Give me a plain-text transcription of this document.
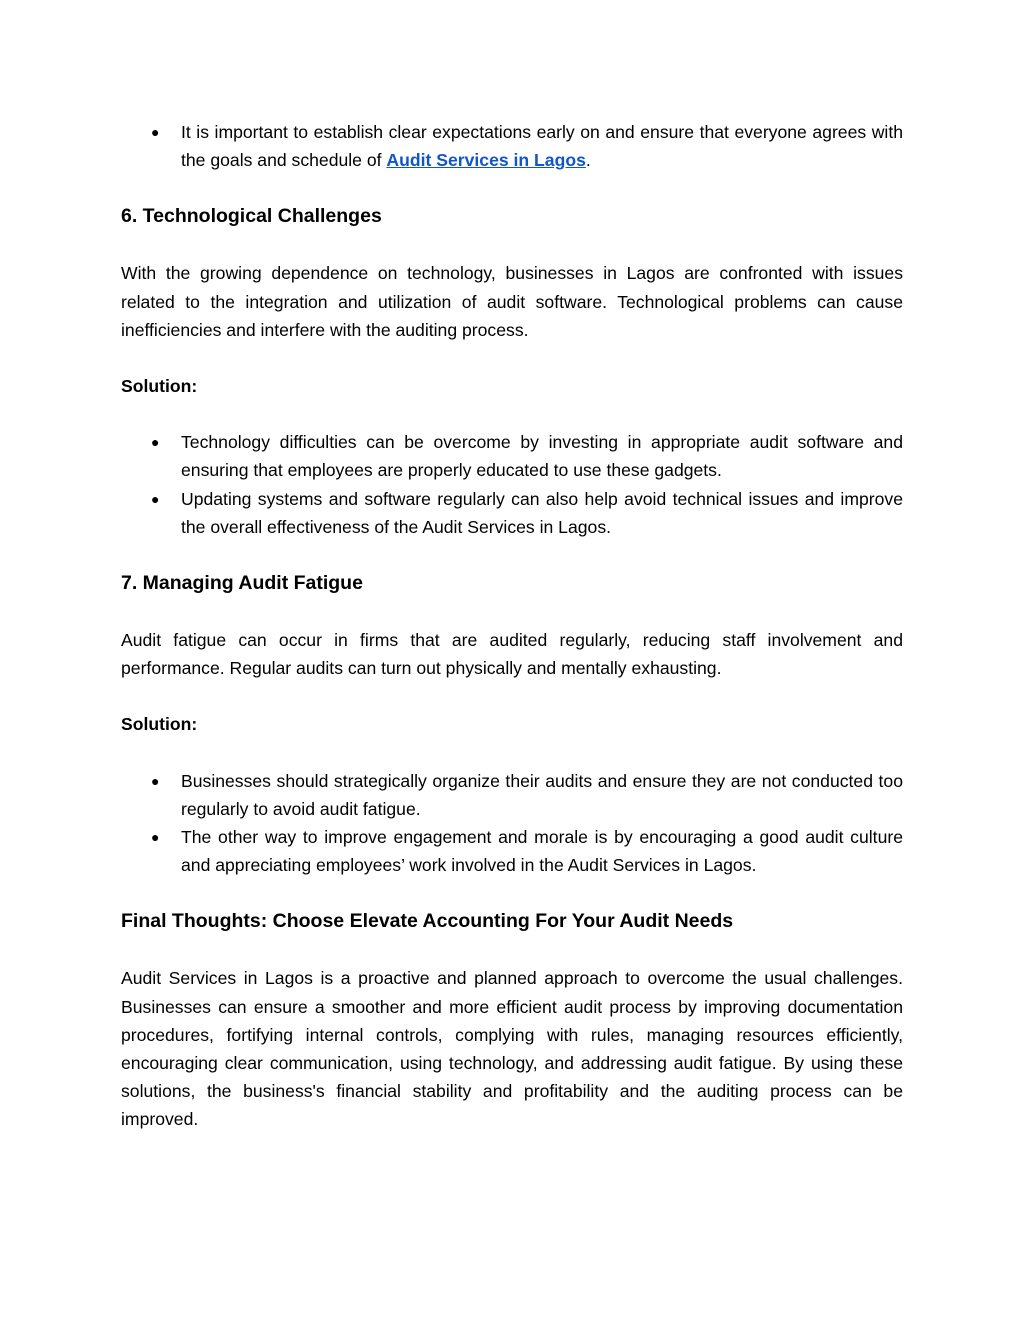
● It is important to establish clear expectations early on and ensure that everyone agrees with the goals and schedule of Audit Services in Lagos.
6. Technological Challenges

With the growing dependence on technology, businesses in Lagos are confronted with issues related to the integration and utilization of audit software. Technological problems can cause inefficiencies and interfere with the auditing process.

Solution:

● Technology difficulties can be overcome by investing in appropriate audit software and ensuring that employees are properly educated to use these gadgets.
● Updating systems and software regularly can also help avoid technical issues and improve the overall effectiveness of the Audit Services in Lagos.
7. Managing Audit Fatigue

Audit fatigue can occur in firms that are audited regularly, reducing staff involvement and performance. Regular audits can turn out physically and mentally exhausting.

Solution:

● Businesses should strategically organize their audits and ensure they are not conducted too regularly to avoid audit fatigue.
● The other way to improve engagement and morale is by encouraging a good audit culture and appreciating employees’ work involved in the Audit Services in Lagos.
Final Thoughts: Choose Elevate Accounting For Your Audit Needs

Audit Services in Lagos is a proactive and planned approach to overcome the usual challenges. Businesses can ensure a smoother and more efficient audit process by improving documentation procedures, fortifying internal controls, complying with rules, managing resources efficiently, encouraging clear communication, using technology, and addressing audit fatigue. By using these solutions, the business's financial stability and profitability and the auditing process can be improved.
